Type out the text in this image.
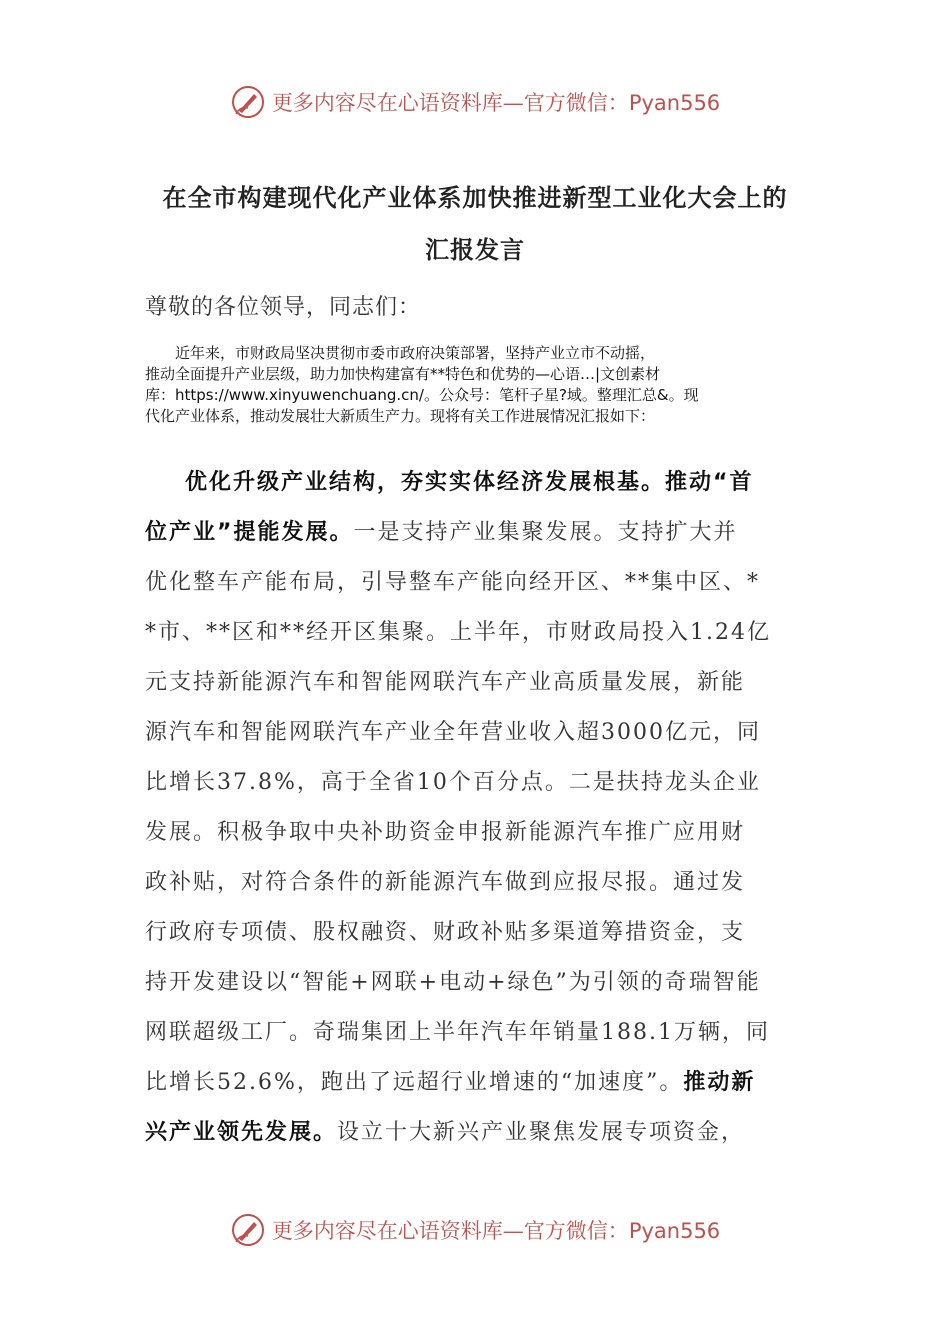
更多内容尽在心语资料库—官方微信：Pyan556
在全市构建现代化产业体系加快推进新型工业化大会上的
汇报发言
尊敬的各位领导，同志们：
近年来，市财政局坚决贯彻市委市政府决策部署，坚持产业立市不动摇，
推动全面提升产业层级，助力加快构建富有**特色和优势的—心语…|文创素材
库：https://www.xinyuwenchuang.cn/。公众号：笔杆子星?域。整理汇总&。现
代化产业体系，推动发展壮大新质生产力。现将有关工作进展情况汇报如下：
优化升级产业结构，夯实实体经济发展根基。推动“首
位产业”提能发展。一是支持产业集聚发展。支持扩大并
优化整车产能布局，引导整车产能向经开区、**集中区、*
*市、**区和**经开区集聚。上半年，市财政局投入1.24亿
元支持新能源汽车和智能网联汽车产业高质量发展，新能
源汽车和智能网联汽车产业全年营业收入超3000亿元，同
比增长37.8%，高于全省10个百分点。二是扶持龙头企业
发展。积极争取中央补助资金申报新能源汽车推广应用财
政补贴，对符合条件的新能源汽车做到应报尽报。通过发
行政府专项债、股权融资、财政补贴多渠道筹措资金，支
持开发建设以“智能+网联+电动+绿色”为引领的奇瑞智能
网联超级工厂。奇瑞集团上半年汽车年销量188.1万辆，同
比增长52.6%，跑出了远超行业增速的“加速度”。推动新
兴产业领先发展。设立十大新兴产业聚焦发展专项资金，
更多内容尽在心语资料库—官方微信：Pyan556
